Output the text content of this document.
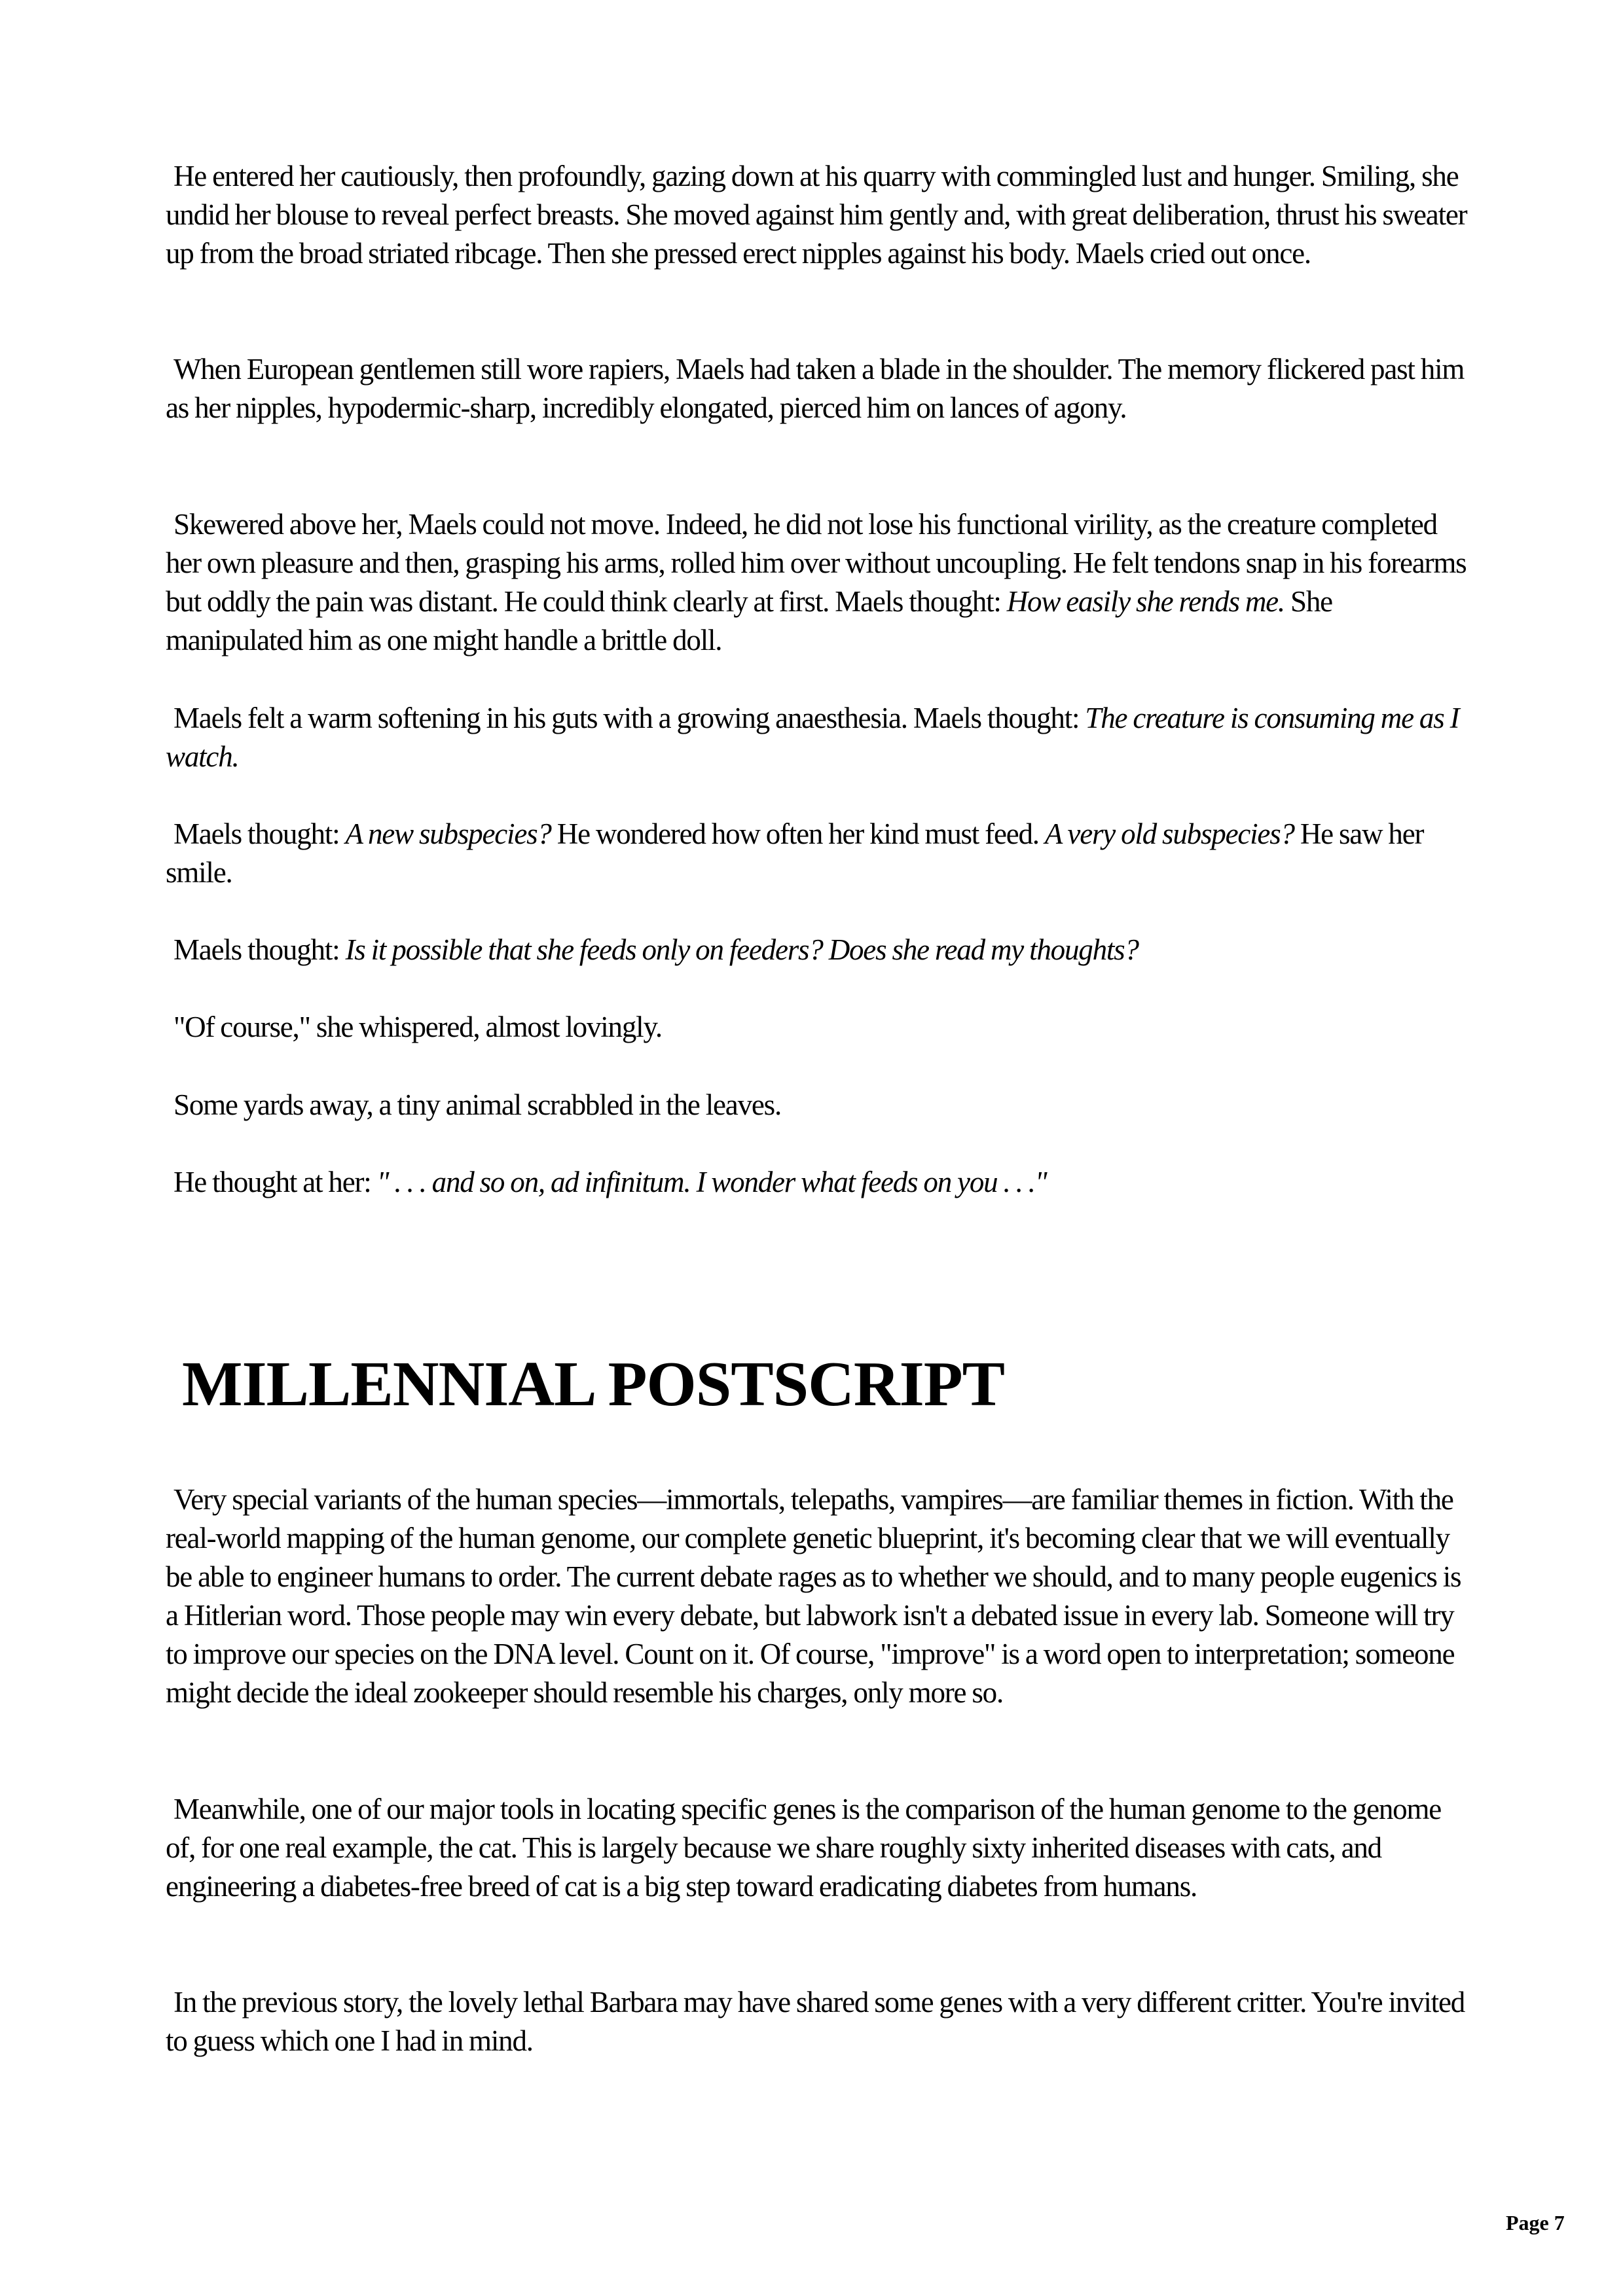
He entered her cautiously, then profoundly, gazing down at his quarry with commingled lust and hunger. Smiling, she undid her blouse to reveal perfect breasts. She moved against him gently and, with great deliberation, thrust his sweater up from the broad striated ribcage. Then she pressed erect nipples against his body. Maels cried out once.

When European gentlemen still wore rapiers, Maels had taken a blade in the shoulder. The memory flickered past him as her nipples, hypodermic-sharp, incredibly elongated, pierced him on lances of agony.

Skewered above her, Maels could not move. Indeed, he did not lose his functional virility, as the creature completed her own pleasure and then, grasping his arms, rolled him over without uncoupling. He felt tendons snap in his forearms but oddly the pain was distant. He could think clearly at first. Maels thought: How easily she rends me. She manipulated him as one might handle a brittle doll.

Maels felt a warm softening in his guts with a growing anaesthesia. Maels thought: The creature is consuming me as I watch.

Maels thought: A new subspecies? He wondered how often her kind must feed. A very old subspecies? He saw her smile.

Maels thought: Is it possible that she feeds only on feeders? Does she read my thoughts?

"Of course," she whispered, almost lovingly.

Some yards away, a tiny animal scrabbled in the leaves.

He thought at her: " . . . and so on, ad infinitum. I wonder what feeds on you . . ."

MILLENNIAL POSTSCRIPT

Very special variants of the human species—immortals, telepaths, vampires—are familiar themes in fiction. With the real-world mapping of the human genome, our complete genetic blueprint, it's becoming clear that we will eventually be able to engineer humans to order. The current debate rages as to whether we should, and to many people eugenics is a Hitlerian word. Those people may win every debate, but labwork isn't a debated issue in every lab. Someone will try to improve our species on the DNA level. Count on it. Of course, "improve" is a word open to interpretation; someone might decide the ideal zookeeper should resemble his charges, only more so.

Meanwhile, one of our major tools in locating specific genes is the comparison of the human genome to the genome of, for one real example, the cat. This is largely because we share roughly sixty inherited diseases with cats, and engineering a diabetes-free breed of cat is a big step toward eradicating diabetes from humans.

In the previous story, the lovely lethal Barbara may have shared some genes with a very different critter. You're invited to guess which one I had in mind.

Page 7
